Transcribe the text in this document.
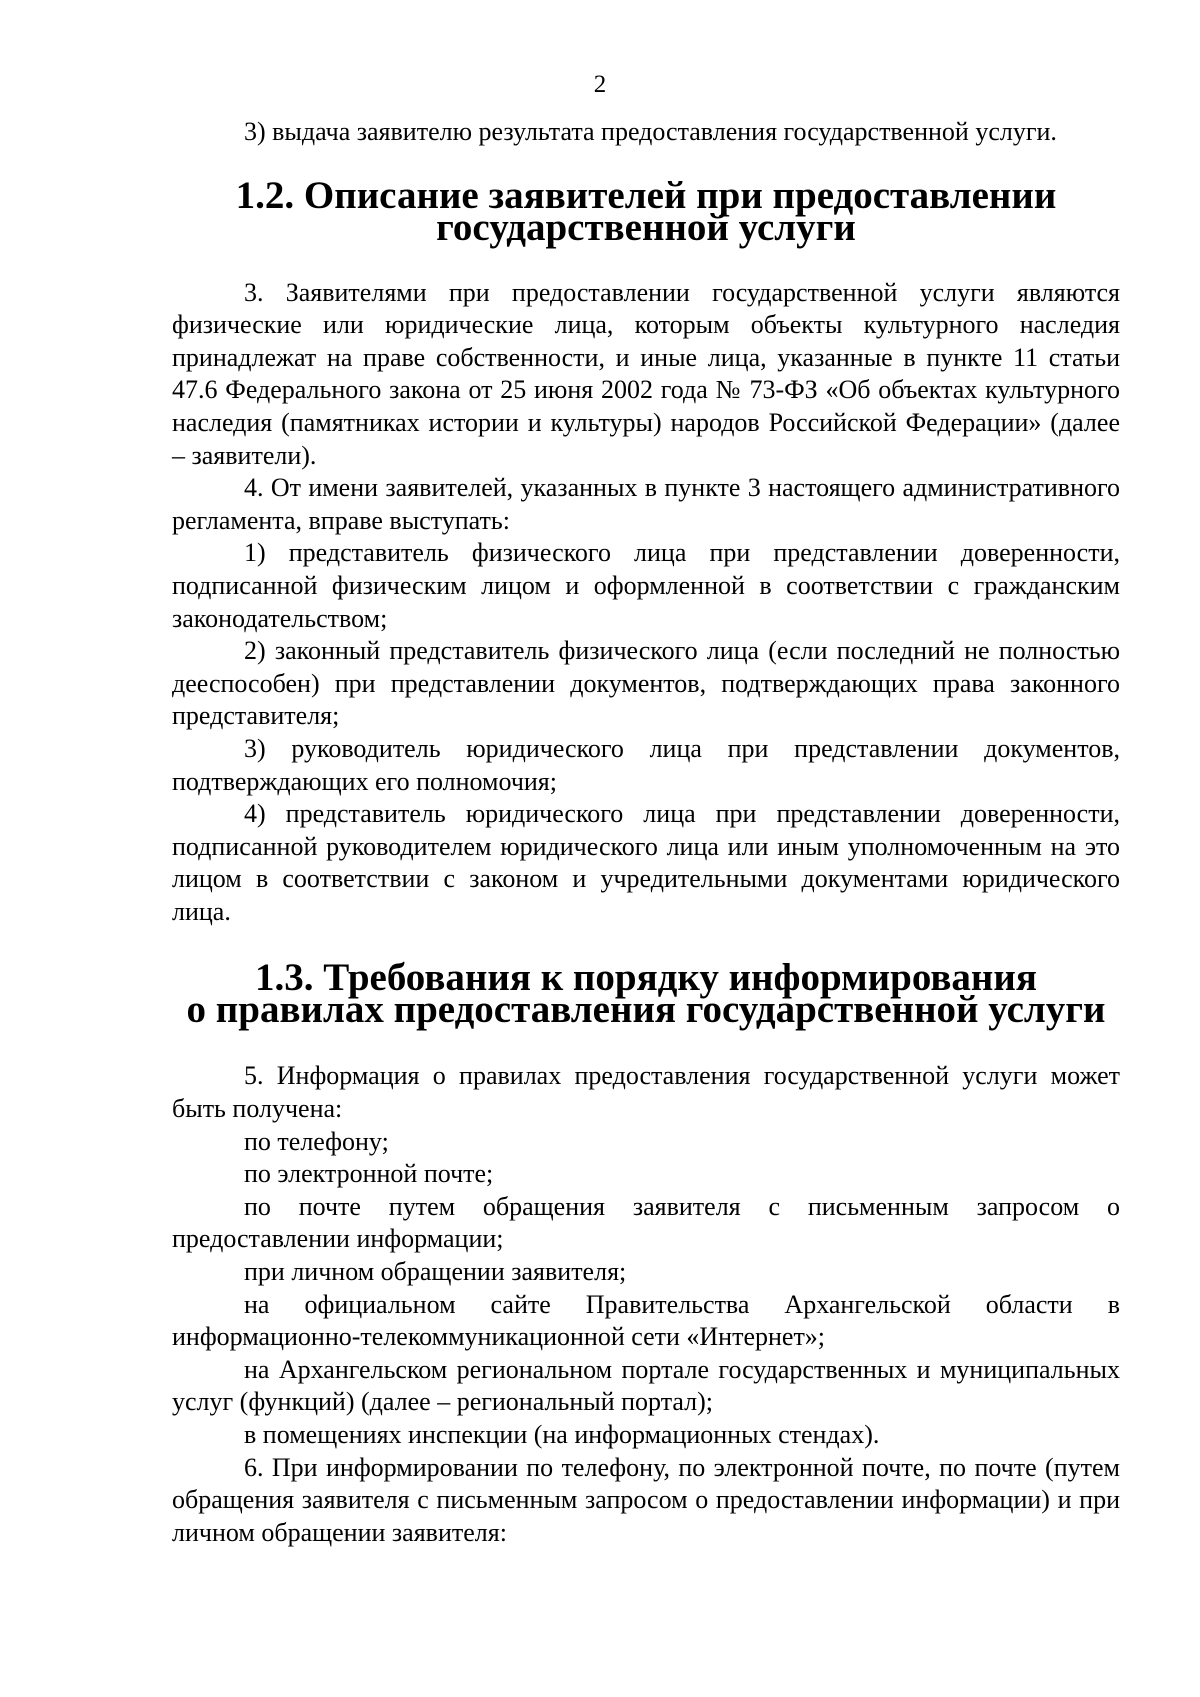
2

3) выдача заявителю результата предоставления государственной услуги.

1.2. Описание заявителей при предоставлении
государственной услуги

3. Заявителями при предоставлении государственной услуги являются физические или юридические лица, которым объекты культурного наследия принадлежат на праве собственности, и иные лица, указанные в пункте 11 статьи 47.6 Федерального закона от 25 июня 2002 года № 73-ФЗ «Об объектах культурного наследия (памятниках истории и культуры) народов Российской Федерации» (далее – заявители).

4. От имени заявителей, указанных в пункте 3 настоящего административного регламента, вправе выступать:

1) представитель физического лица при представлении доверенности, подписанной физическим лицом и оформленной в соответствии с гражданским законодательством;

2) законный представитель физического лица (если последний не полностью дееспособен) при представлении документов, подтверждающих права законного представителя;

3) руководитель юридического лица при представлении документов, подтверждающих его полномочия;

4) представитель юридического лица при представлении доверенности, подписанной руководителем юридического лица или иным уполномоченным на это лицом в соответствии с законом и учредительными документами юридического лица.

1.3. Требования к порядку информирования
о правилах предоставления государственной услуги

5. Информация о правилах предоставления государственной услуги может быть получена:

по телефону;

по электронной почте;

по почте путем обращения заявителя с письменным запросом о предоставлении информации;

при личном обращении заявителя;

на официальном сайте Правительства Архангельской области в информационно-телекоммуникационной сети «Интернет»;

на Архангельском региональном портале государственных и муниципальных услуг (функций) (далее – региональный портал);

в помещениях инспекции (на информационных стендах).

6. При информировании по телефону, по электронной почте, по почте (путем обращения заявителя с письменным запросом о предоставлении информации) и при личном обращении заявителя:
